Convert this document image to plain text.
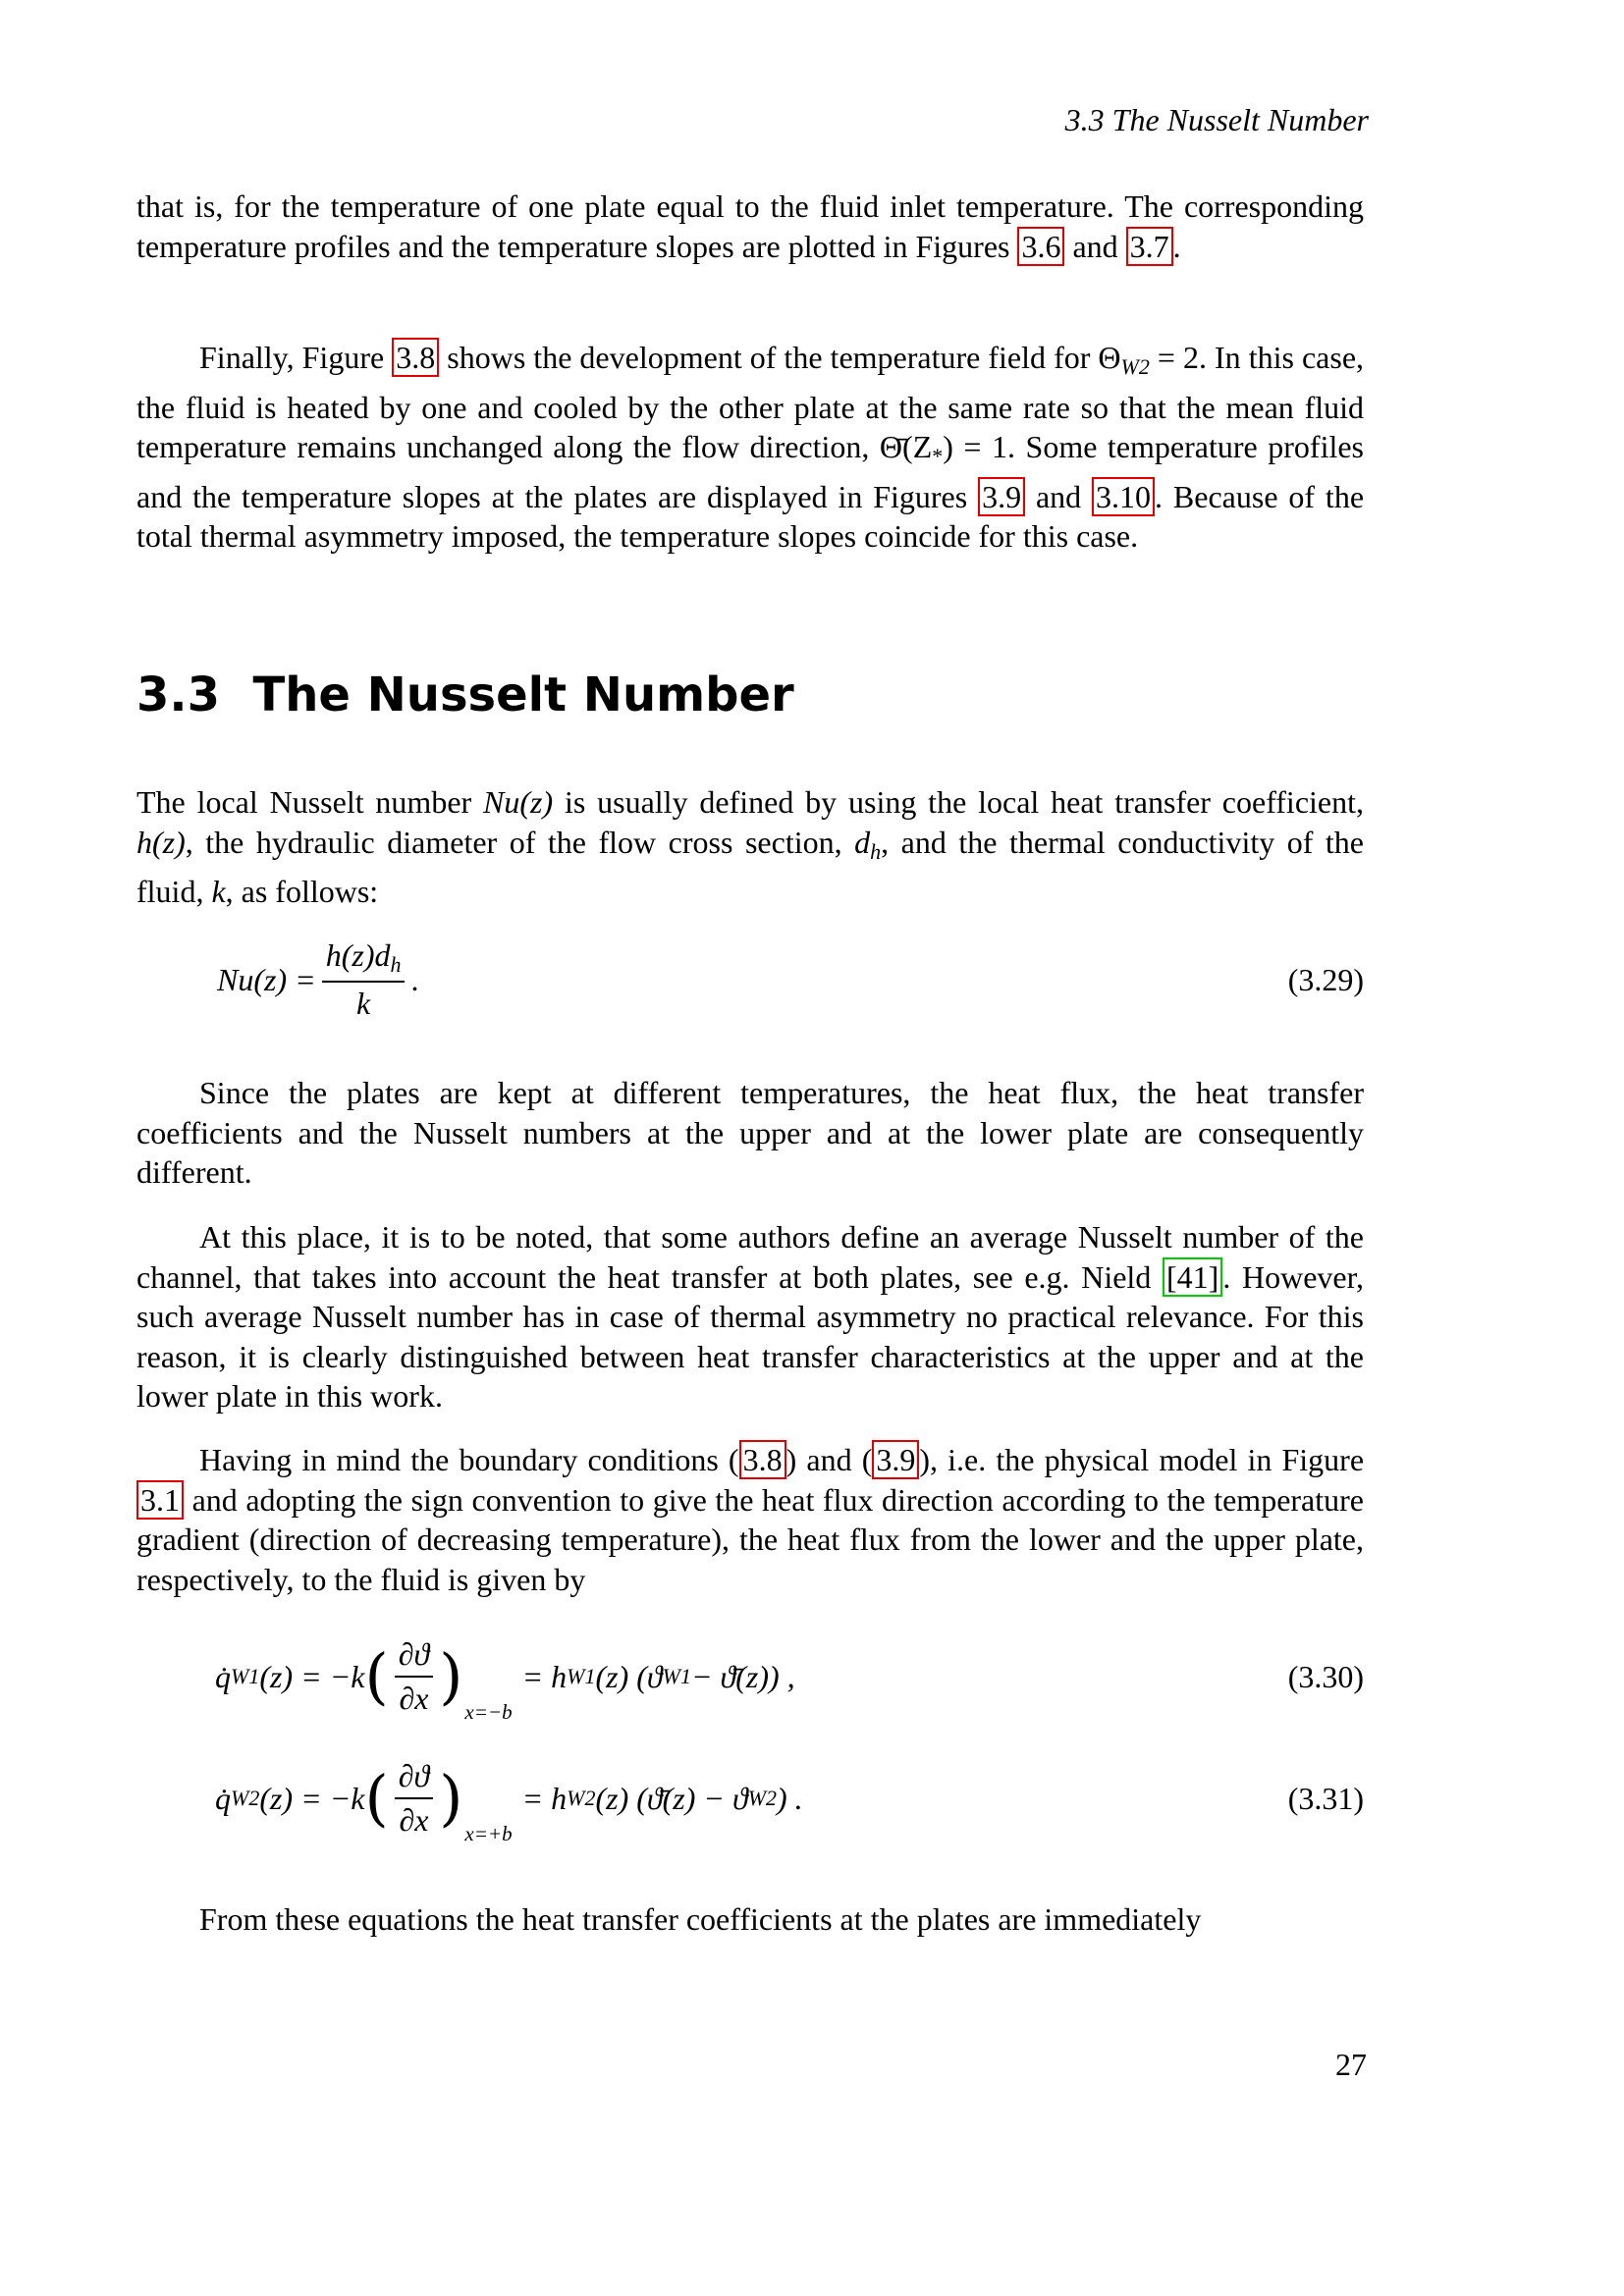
3.3 The Nusselt Number

that is, for the temperature of one plate equal to the fluid inlet temperature. The corresponding temperature profiles and the temperature slopes are plotted in Figures 3.6 and 3.7 .

Finally, Figure 3.8 shows the development of the temperature field for $\Theta_{W2} = 2$. In this case, the fluid is heated by one and cooled by the other plate at the same rate so that the mean fluid temperature remains unchanged along the flow direction, $\Thetā(Z_*) = 1$. Some temperature profiles and the temperature slopes at the plates are displayed in Figures 3.9 and 3.10 . Because of the total thermal asymmetry imposed, the temperature slopes coincide for this case.

3.3 The Nusselt Number

The local Nusselt number Nu(z) is usually defined by using the local heat transfer coefficient, h(z), the hydraulic diameter of the flow cross section, $d_h$, and the thermal conductivity of the fluid, k, as follows:

$Nu(z) = \frac{h(z)d_h}{k}$ .	(3.29)

Since the plates are kept at different temperatures, the heat flux, the heat transfer coefficients and the Nusselt numbers at the upper and at the lower plate are consequently different.

At this place, it is to be noted, that some authors define an average Nusselt number of the channel, that takes into account the heat transfer at both plates, see e.g. Nield [41] . However, such average Nusselt number has in case of thermal asymmetry no practical relevance. For this reason, it is clearly distinguished between heat transfer characteristics at the upper and at the lower plate in this work.

Having in mind the boundary conditions ( 3.8 ) and ( 3.9 ), i.e. the physical model in Figure 3.1 and adopting the sign convention to give the heat flux direction according to the temperature gradient (direction of decreasing temperature), the heat flux from the lower and the upper plate, respectively, to the fluid is given by

q̇ W1 (z) = −k ( $\frac{\partial ϑ}{\partial x}$ ) x=−b
= h W1 (z) (ϑ W1 − ϑ̄(z)) ,	(3.30)
q̇ W2 (z) = −k ( $\frac{\partial ϑ}{\partial x}$ ) x=+b
= h W2 (z) (ϑ̄(z) − ϑ W2 ) .	(3.31)

From these equations the heat transfer coefficients at the plates are immediately

27
